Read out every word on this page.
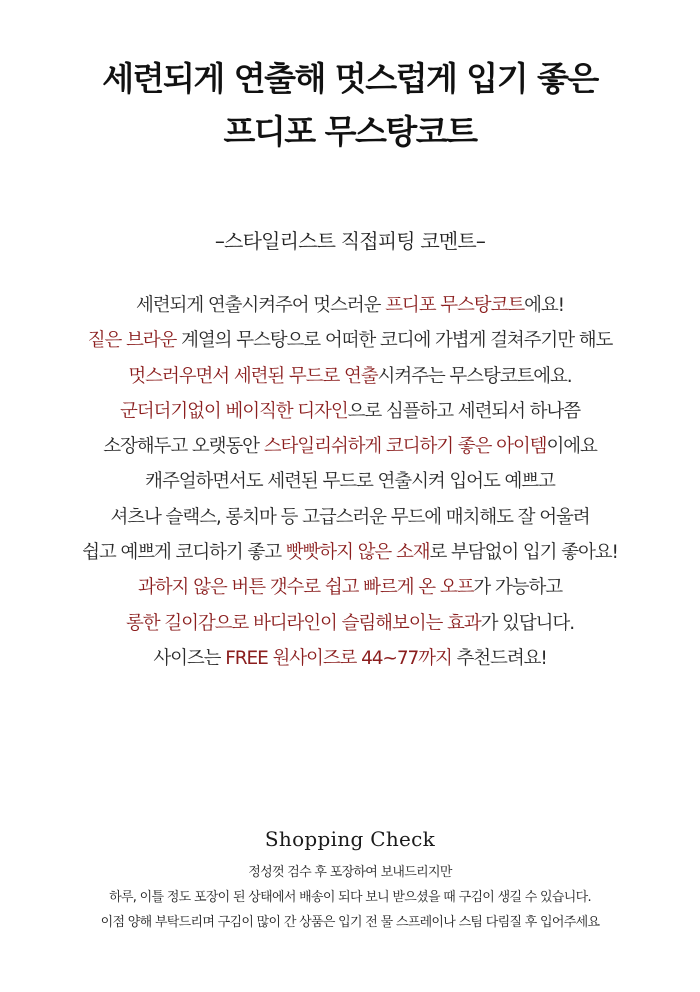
세련되게 연출해 멋스럽게 입기 좋은
프디포 무스탕코트
–스타일리스트 직접피팅 코멘트–
세련되게 연출시켜주어 멋스러운 프디포 무스탕코트에요!
짙은 브라운 계열의 무스탕으로 어떠한 코디에 가볍게 걸쳐주기만 해도
멋스러우면서 세련된 무드로 연출시켜주는 무스탕코트에요.
군더더기없이 베이직한 디자인으로 심플하고 세련되서 하나쯤
소장해두고 오랫동안 스타일리쉬하게 코디하기 좋은 아이템이에요
캐주얼하면서도 세련된 무드로 연출시켜 입어도 예쁘고
셔츠나 슬랙스, 롱치마 등 고급스러운 무드에 매치해도 잘 어울려
쉽고 예쁘게 코디하기 좋고 빳빳하지 않은 소재로 부담없이 입기 좋아요!
과하지 않은 버튼 갯수로 쉽고 빠르게 온 오프가 가능하고
롱한 길이감으로 바디라인이 슬림해보이는 효과가 있답니다.
사이즈는 FREE 원사이즈로 44~77까지 추천드려요!
Shopping Check
정성껏 검수 후 포장하여 보내드리지만
하루, 이틀 정도 포장이 된 상태에서 배송이 되다 보니 받으셨을 때 구김이 생길 수 있습니다.
이점 양해 부탁드리며 구김이 많이 간 상품은 입기 전 물 스프레이나 스팀 다림질 후 입어주세요
